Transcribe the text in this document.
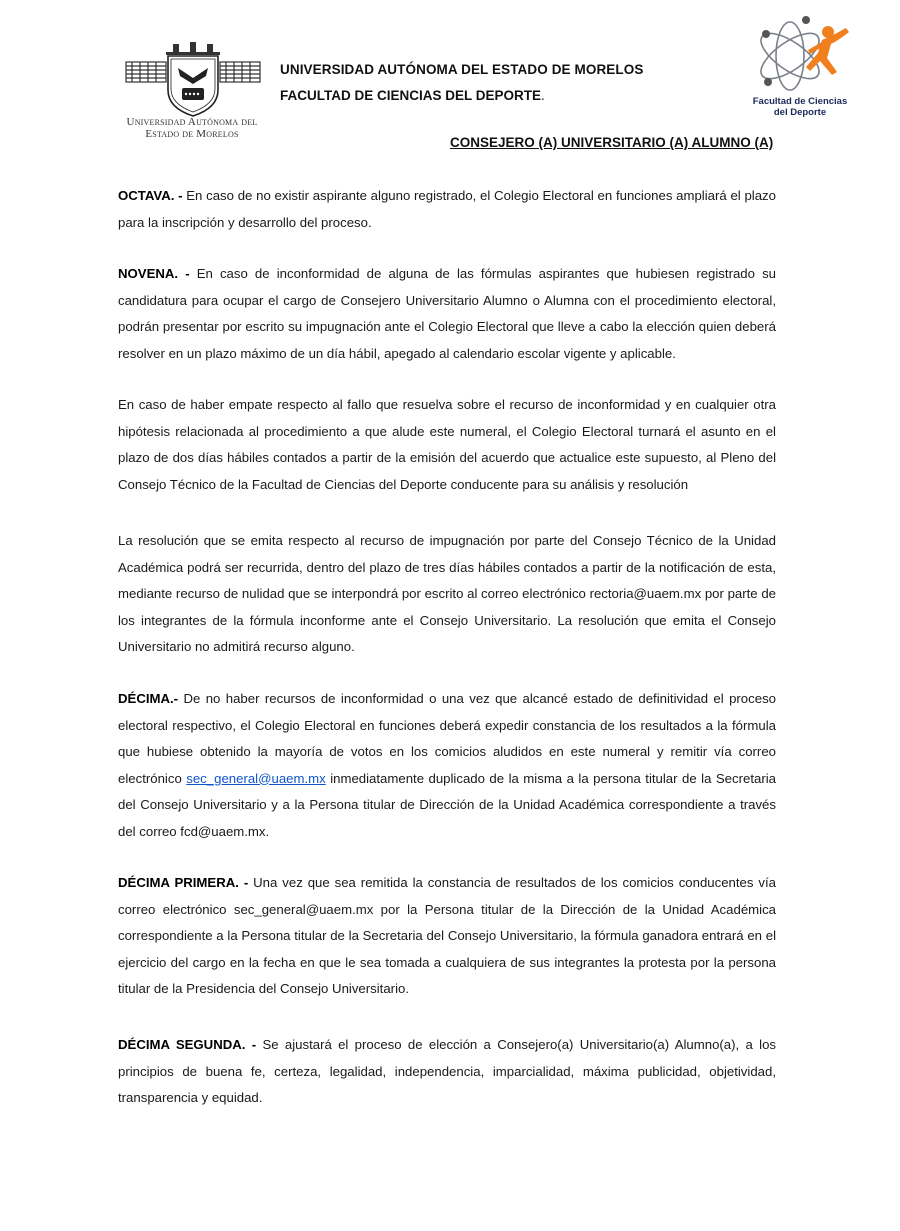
Universidad Autónoma del
Estado de Morelos
UNIVERSIDAD AUTÓNOMA DEL ESTADO DE MORELOS
FACULTAD DE CIENCIAS DEL DEPORTE.	Facultad de Ciencias
del Deporte
CONSEJERO (A) UNIVERSITARIO (A) ALUMNO (A)

OCTAVA. - En caso de no existir aspirante alguno registrado, el Colegio Electoral en funciones ampliará el plazo para la inscripción y desarrollo del proceso.

NOVENA. - En caso de inconformidad de alguna de las fórmulas aspirantes que hubiesen registrado su candidatura para ocupar el cargo de Consejero Universitario Alumno o Alumna con el procedimiento electoral, podrán presentar por escrito su impugnación ante el Colegio Electoral que lleve a cabo la elección quien deberá resolver en un plazo máximo de un día hábil, apegado al calendario escolar vigente y aplicable.

En caso de haber empate respecto al fallo que resuelva sobre el recurso de inconformidad y en cualquier otra hipótesis relacionada al procedimiento a que alude este numeral, el Colegio Electoral turnará el asunto en el plazo de dos días hábiles contados a partir de la emisión del acuerdo que actualice este supuesto, al Pleno del Consejo Técnico de la Facultad de Ciencias del Deporte conducente para su análisis y resolución

La resolución que se emita respecto al recurso de impugnación por parte del Consejo Técnico de la Unidad Académica podrá ser recurrida, dentro del plazo de tres días hábiles contados a partir de la notificación de esta, mediante recurso de nulidad que se interpondrá por escrito al correo electrónico rectoria@uaem.mx por parte de los integrantes de la fórmula inconforme ante el Consejo Universitario. La resolución que emita el Consejo Universitario no admitirá recurso alguno.

DÉCIMA.- De no haber recursos de inconformidad o una vez que alcancé estado de definitividad el proceso electoral respectivo, el Colegio Electoral en funciones deberá expedir constancia de los resultados a la fórmula que hubiese obtenido la mayoría de votos en los comicios aludidos en este numeral y remitir vía correo electrónico sec_general@uaem.mx inmediatamente duplicado de la misma a la persona titular de la Secretaria del Consejo Universitario y a la Persona titular de Dirección de la Unidad Académica correspondiente a través del correo fcd@uaem.mx.

DÉCIMA PRIMERA. - Una vez que sea remitida la constancia de resultados de los comicios conducentes vía correo electrónico sec_general@uaem.mx por la Persona titular de la Dirección de la Unidad Académica correspondiente a la Persona titular de la Secretaria del Consejo Universitario, la fórmula ganadora entrará en el ejercicio del cargo en la fecha en que le sea tomada a cualquiera de sus integrantes la protesta por la persona titular de la Presidencia del Consejo Universitario.

DÉCIMA SEGUNDA. - Se ajustará el proceso de elección a Consejero(a) Universitario(a) Alumno(a), a los principios de buena fe, certeza, legalidad, independencia, imparcialidad, máxima publicidad, objetividad, transparencia y equidad.
